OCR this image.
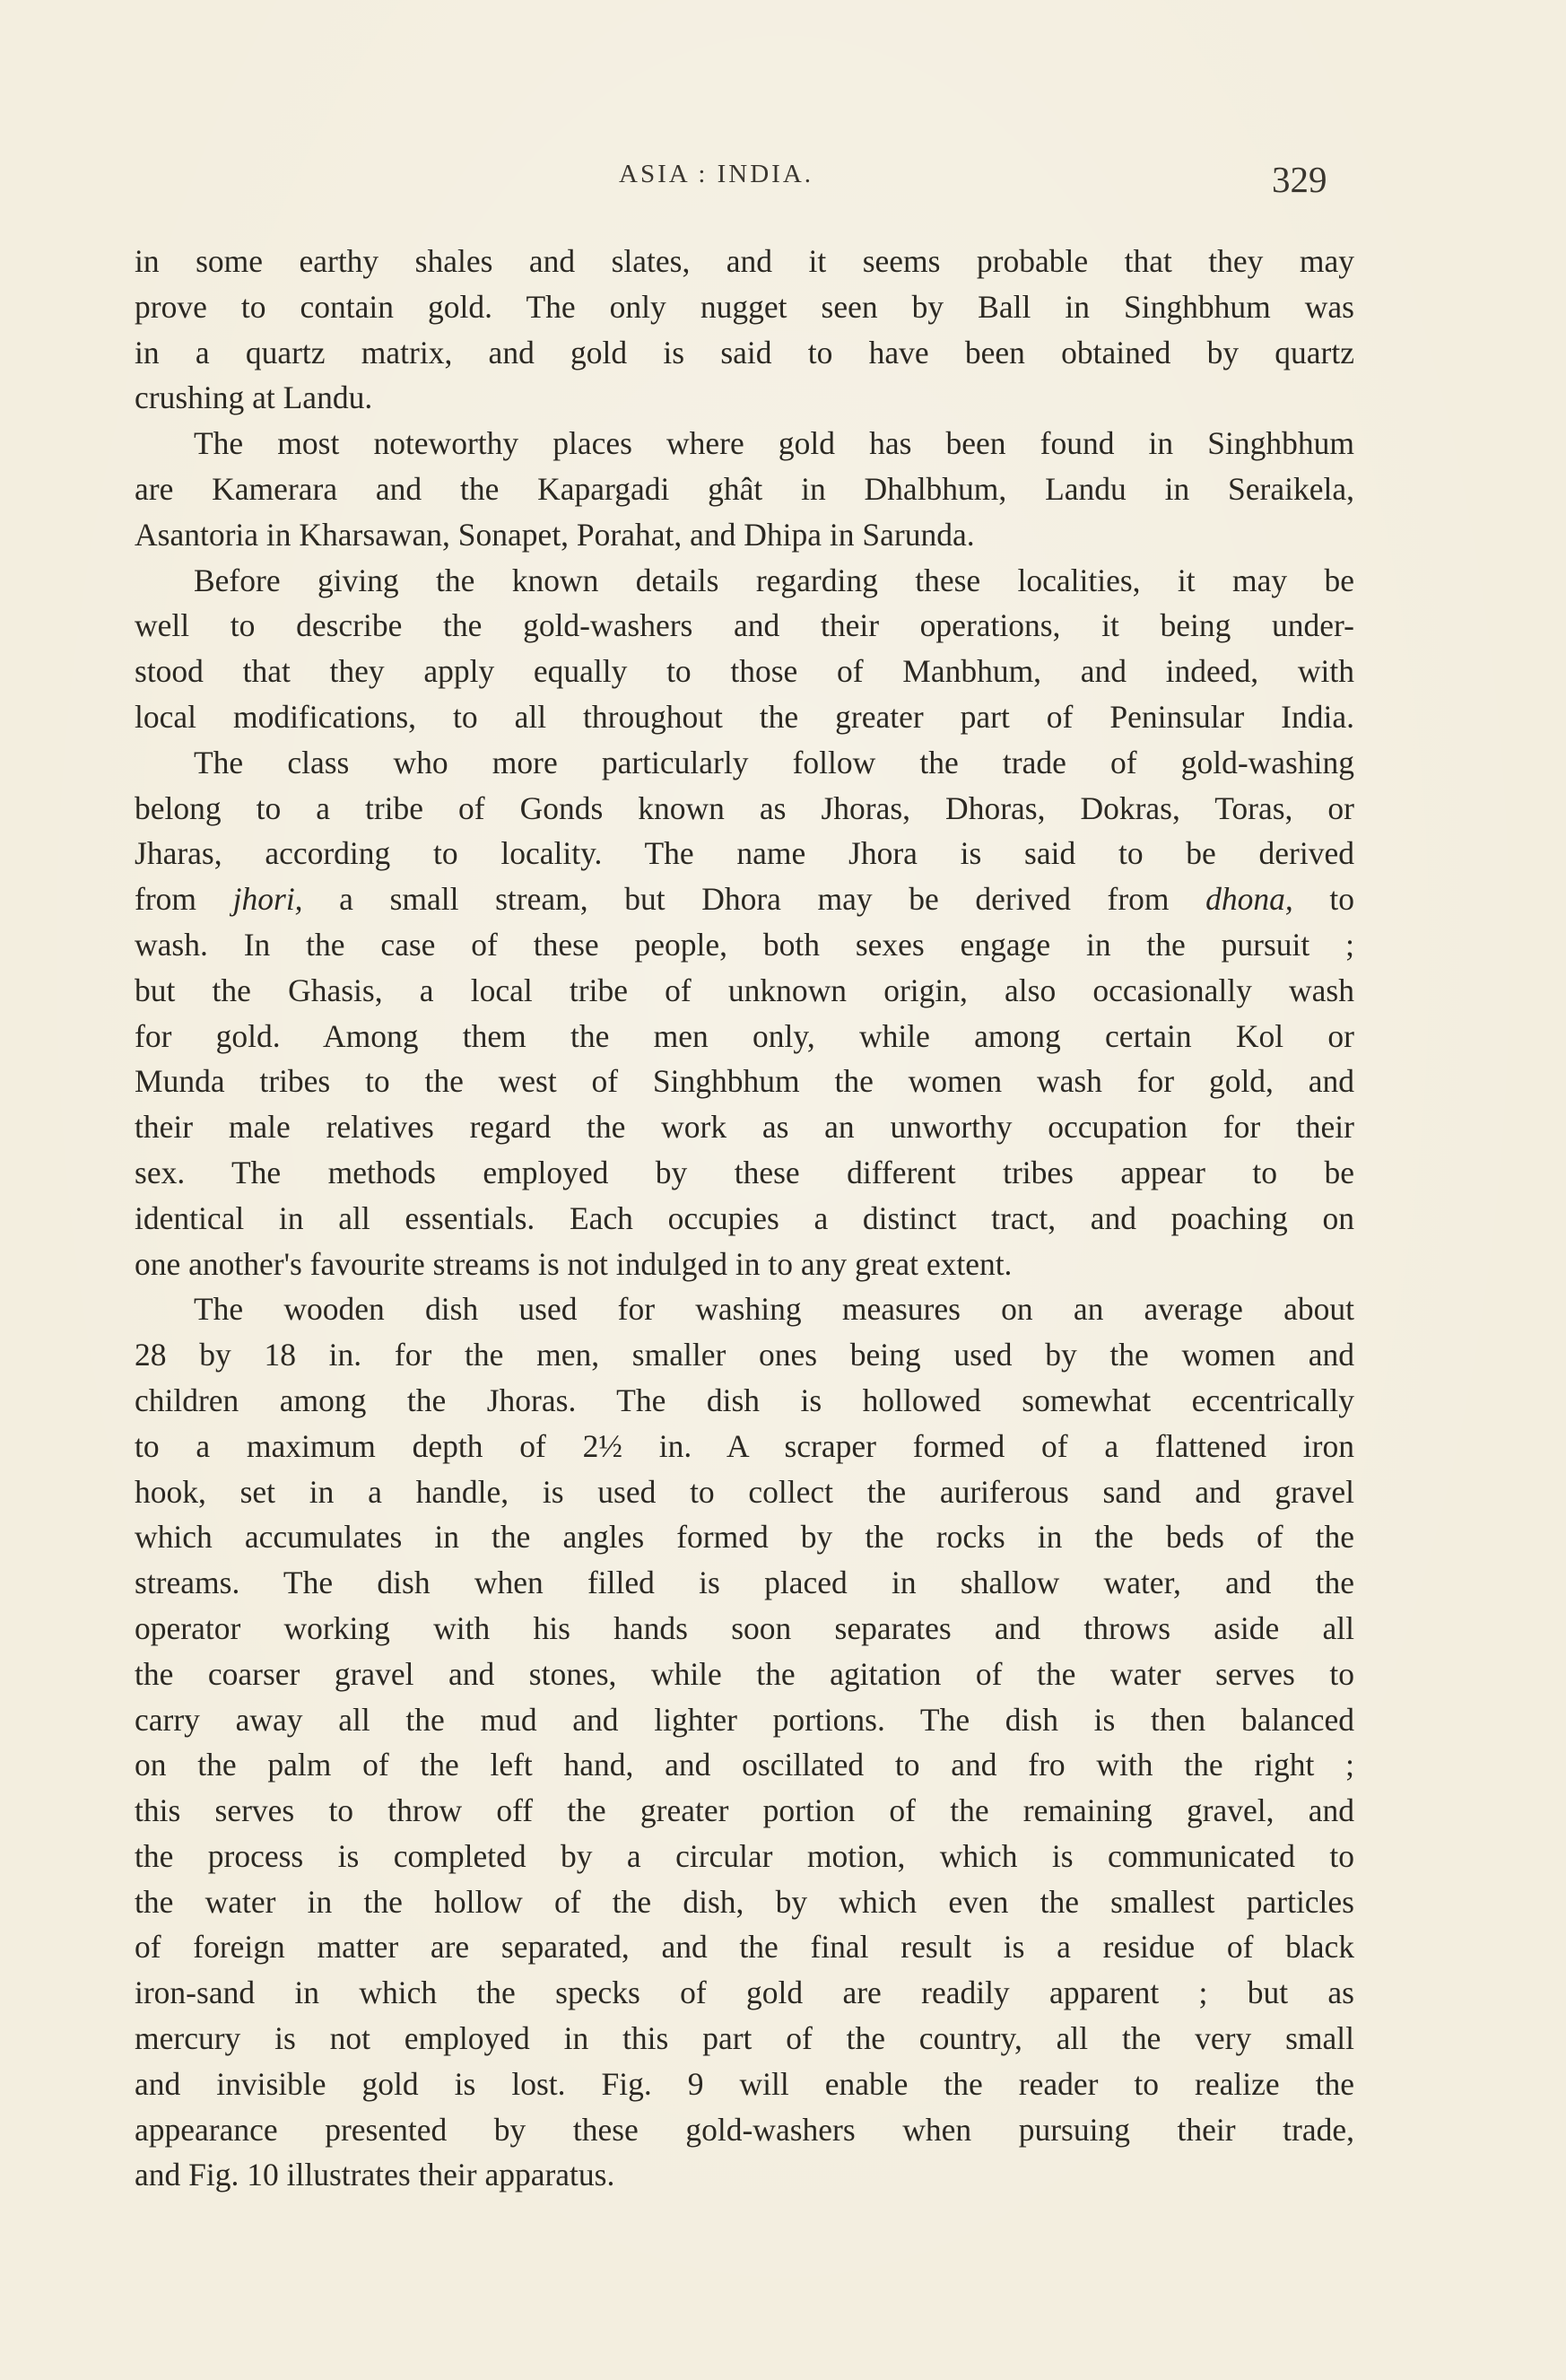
ASIA : INDIA.	329
in some earthy shales and slates, and it seems probable that they may
prove to contain gold. The only nugget seen by Ball in Singhbhum was
in a quartz matrix, and gold is said to have been obtained by quartz
crushing at Landu.
The most noteworthy places where gold has been found in Singhbhum
are Kamerara and the Kapargadi ghât in Dhalbhum, Landu in Seraikela,
Asantoria in Kharsawan, Sonapet, Porahat, and Dhipa in Sarunda.
Before giving the known details regarding these localities, it may be
well to describe the gold-washers and their operations, it being under-
stood that they apply equally to those of Manbhum, and indeed, with
local modifications, to all throughout the greater part of Peninsular India.
The class who more particularly follow the trade of gold-washing
belong to a tribe of Gonds known as Jhoras, Dhoras, Dokras, Toras, or
Jharas, according to locality. The name Jhora is said to be derived
from jhori, a small stream, but Dhora may be derived from dhona, to
wash. In the case of these people, both sexes engage in the pursuit ;
but the Ghasis, a local tribe of unknown origin, also occasionally wash
for gold. Among them the men only, while among certain Kol or
Munda tribes to the west of Singhbhum the women wash for gold, and
their male relatives regard the work as an unworthy occupation for their
sex. The methods employed by these different tribes appear to be
identical in all essentials. Each occupies a distinct tract, and poaching on
one another's favourite streams is not indulged in to any great extent.
The wooden dish used for washing measures on an average about
28 by 18 in. for the men, smaller ones being used by the women and
children among the Jhoras. The dish is hollowed somewhat eccentrically
to a maximum depth of 2½ in. A scraper formed of a flattened iron
hook, set in a handle, is used to collect the auriferous sand and gravel
which accumulates in the angles formed by the rocks in the beds of the
streams. The dish when filled is placed in shallow water, and the
operator working with his hands soon separates and throws aside all
the coarser gravel and stones, while the agitation of the water serves to
carry away all the mud and lighter portions. The dish is then balanced
on the palm of the left hand, and oscillated to and fro with the right ;
this serves to throw off the greater portion of the remaining gravel, and
the process is completed by a circular motion, which is communicated to
the water in the hollow of the dish, by which even the smallest particles
of foreign matter are separated, and the final result is a residue of black
iron-sand in which the specks of gold are readily apparent ; but as
mercury is not employed in this part of the country, all the very small
and invisible gold is lost. Fig. 9 will enable the reader to realize the
appearance presented by these gold-washers when pursuing their trade,
and Fig. 10 illustrates their apparatus.
